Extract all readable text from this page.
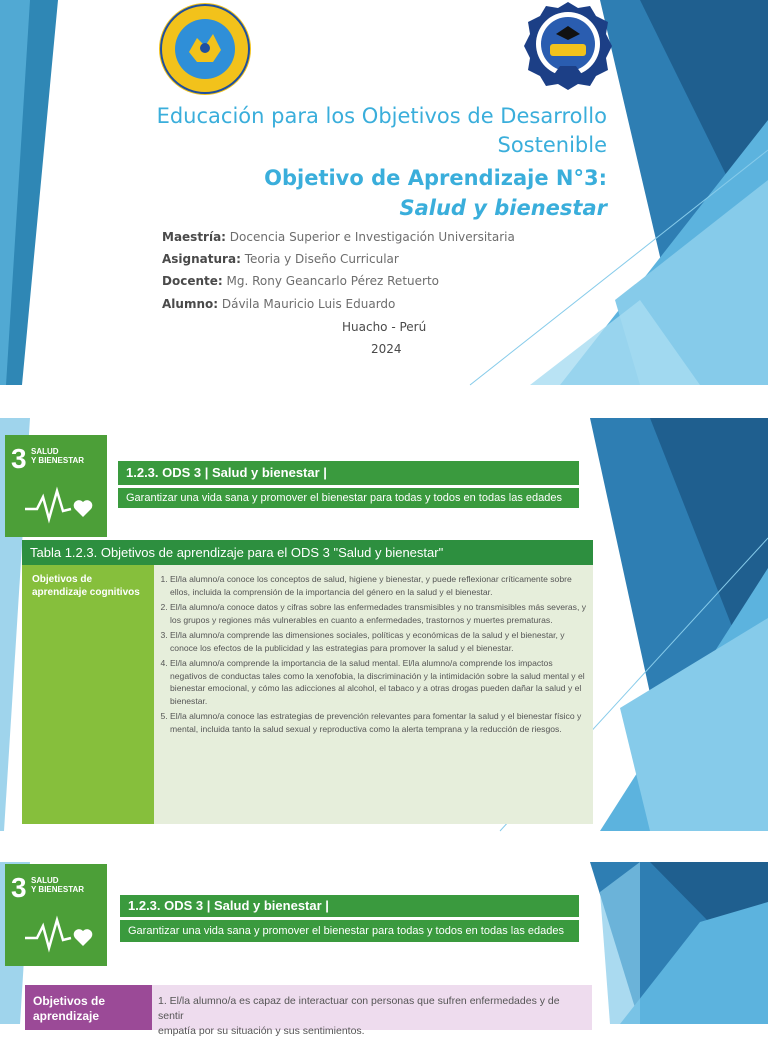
Educación para los Objetivos de Desarrollo
Sostenible
Objetivo de Aprendizaje N°3:
Salud y bienestar
Maestría: Docencia Superior e Investigación Universitaria
Asignatura: Teoria y Diseño Curricular
Docente: Mg. Rony Geancarlo Pérez Retuerto
Alumno: Dávila Mauricio Luis Eduardo
Huacho - Perú
2024
3 SALUD
Y BIENESTAR
1.2.3. ODS 3 | Salud y bienestar |
Garantizar una vida sana y promover el bienestar para todas y todos en todas las edades
Tabla 1.2.3. Objetivos de aprendizaje para el ODS 3 "Salud y bienestar"
Objetivos de aprendizaje cognitivos
1. El/la alumno/a conoce los conceptos de salud, higiene y bienestar, y puede reflexionar críticamente sobre ellos, incluida la comprensión de la importancia del género en la salud y el bienestar.
2. El/la alumno/a conoce datos y cifras sobre las enfermedades transmisibles y no transmisibles más severas, y los grupos y regiones más vulnerables en cuanto a enfermedades, trastornos y muertes prematuras.
3. El/la alumno/a comprende las dimensiones sociales, políticas y económicas de la salud y el bienestar, y conoce los efectos de la publicidad y las estrategias para promover la salud y el bienestar.
4. El/la alumno/a comprende la importancia de la salud mental. El/la alumno/a comprende los impactos negativos de conductas tales como la xenofobia, la discriminación y la intimidación sobre la salud mental y el bienestar emocional, y cómo las adicciones al alcohol, el tabaco y a otras drogas pueden dañar la salud y el bienestar.
5. El/la alumno/a conoce las estrategias de prevención relevantes para fomentar la salud y el bienestar físico y mental, incluida tanto la salud sexual y reproductiva como la alerta temprana y la reducción de riesgos.
3 SALUD
Y BIENESTAR
1.2.3. ODS 3 | Salud y bienestar |
Garantizar una vida sana y promover el bienestar para todas y todos en todas las edades
Objetivos de
aprendizaje
1. El/la alumno/a es capaz de interactuar con personas que sufren enfermedades y de sentir
empatía por su situación y sus sentimientos.
